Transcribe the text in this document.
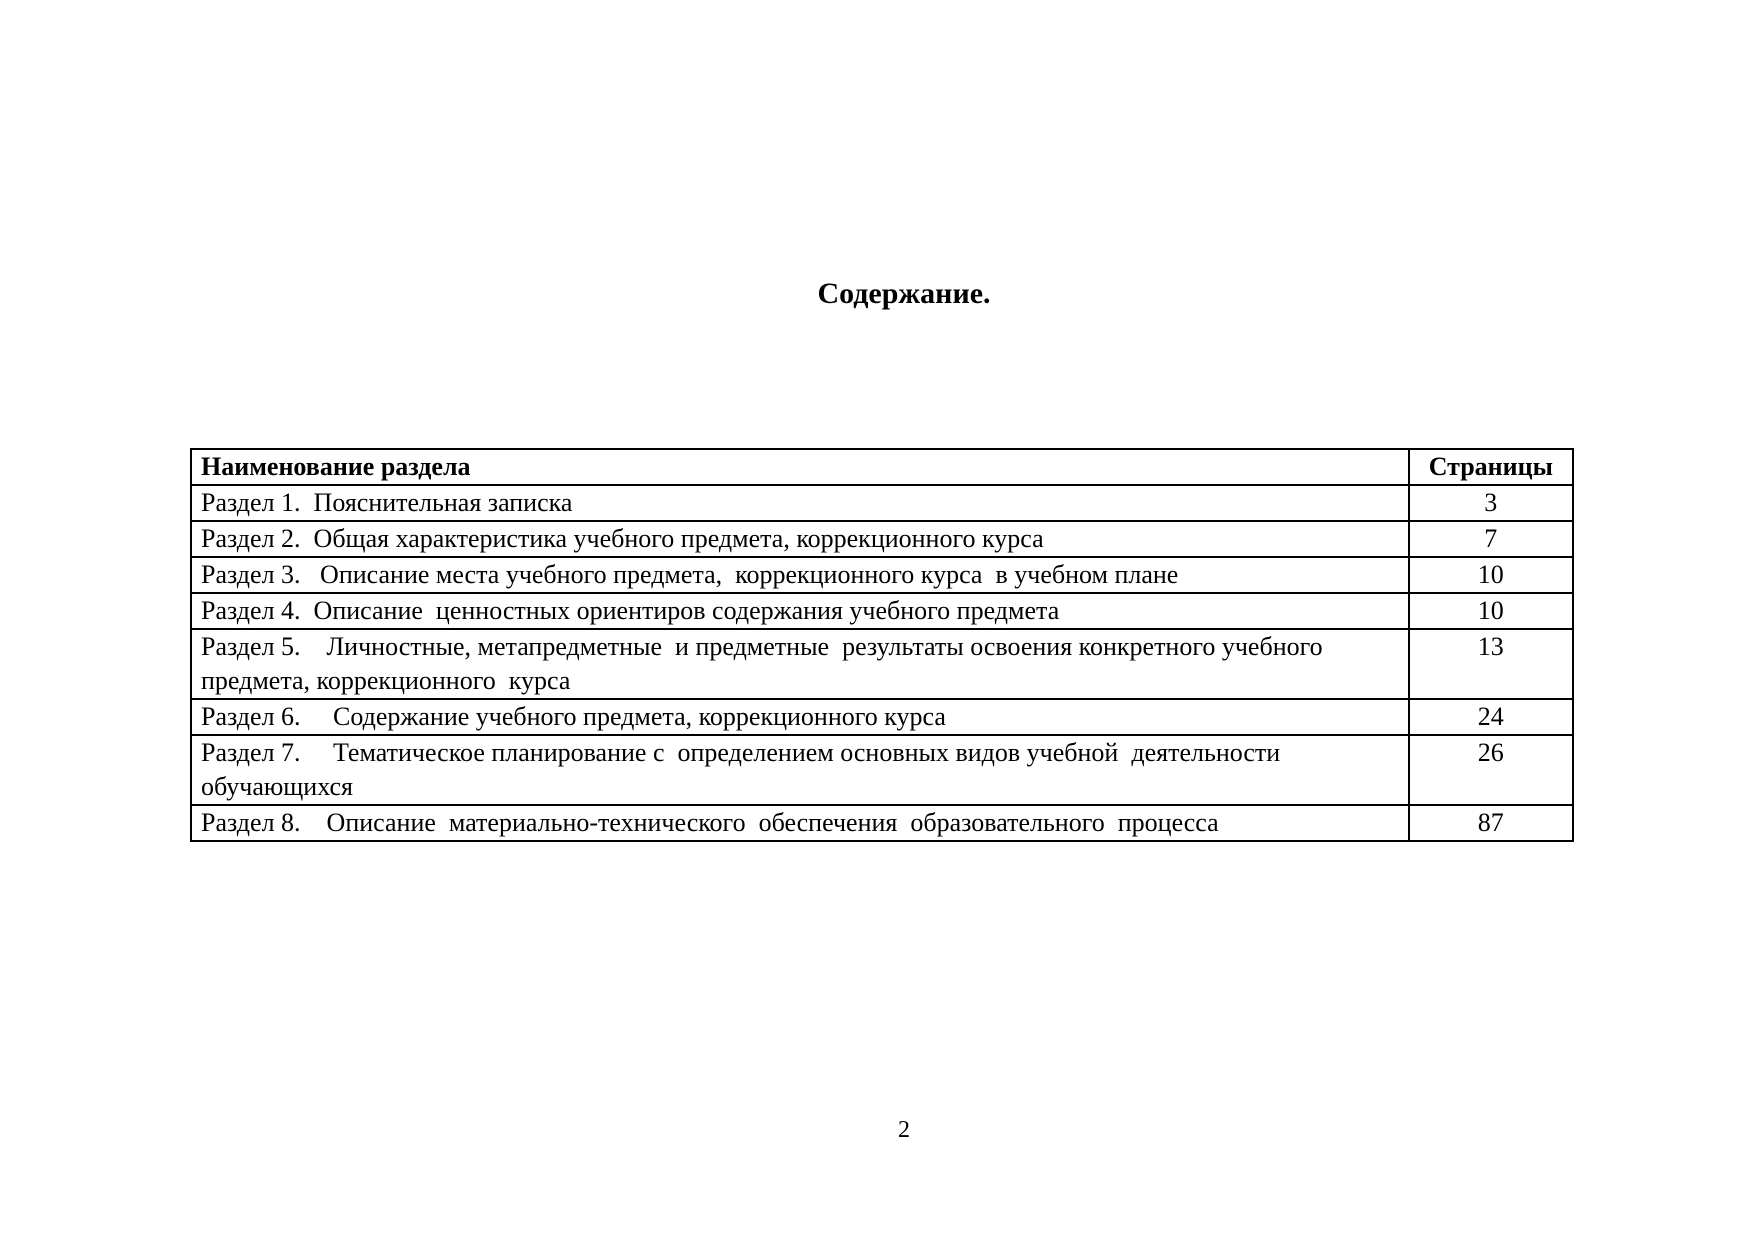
Содержание.
Наименование раздела	Страницы
Раздел 1.  Пояснительная записка	3
Раздел 2.  Общая характеристика учебного предмета, коррекционного курса	7
Раздел 3.   Описание места учебного предмета,  коррекционного курса  в учебном плане	10
Раздел 4.  Описание  ценностных ориентиров содержания учебного предмета	10
Раздел 5.    Личностные, метапредметные  и предметные  результаты освоения конкретного учебного предмета, коррекционного  курса	13
Раздел 6.     Содержание учебного предмета, коррекционного курса	24
Раздел 7.     Тематическое планирование с  определением основных видов учебной  деятельности обучающихся	26
Раздел 8.    Описание  материально-технического  обеспечения  образовательного  процесса	87
2
